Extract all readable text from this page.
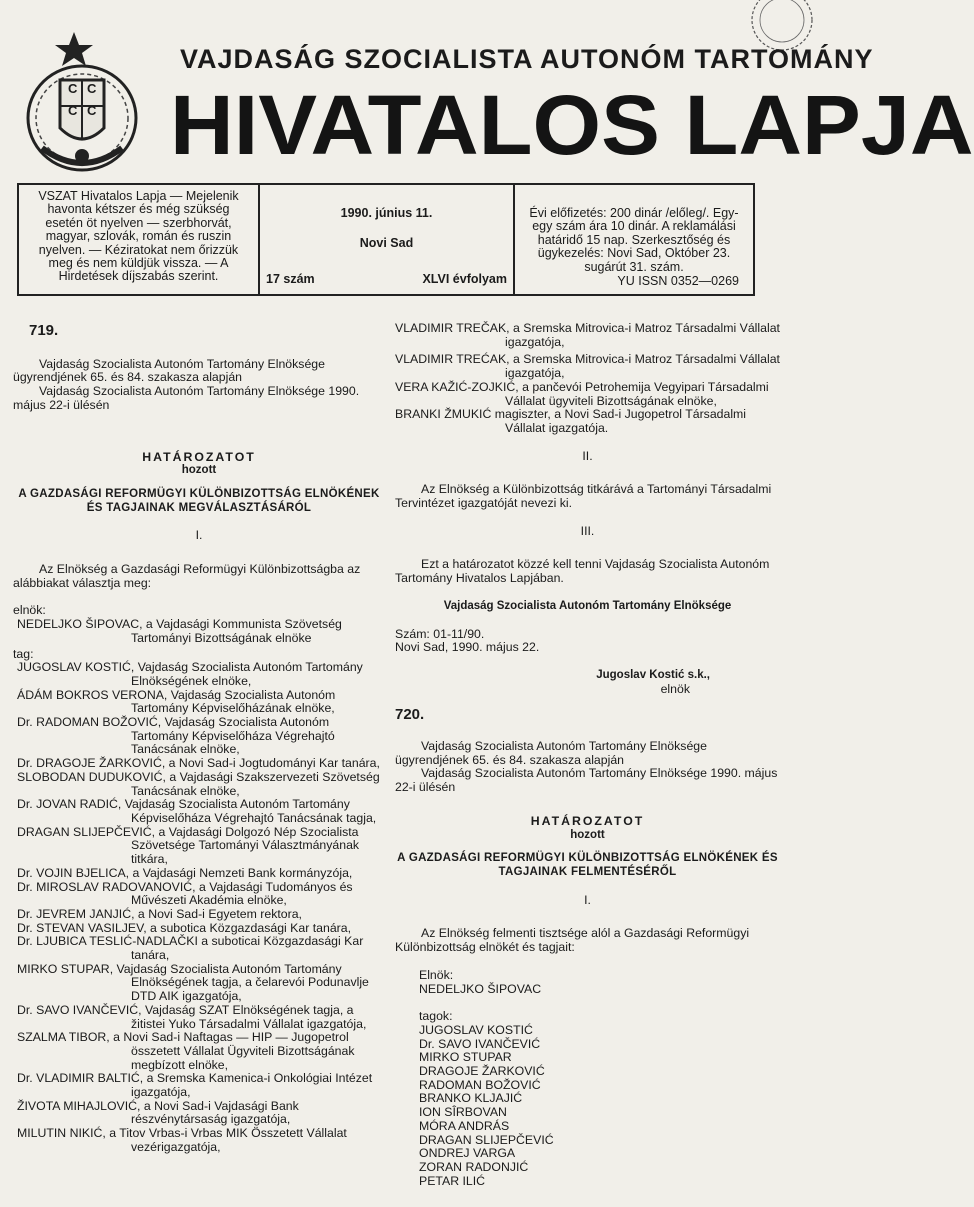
C C C C
VAJDASÁG SZOCIALISTA AUTONÓM TARTOMÁNY
HIVATALOS LAPJA
VSZAT Hivatalos Lapja — Mejelenik havonta kétszer és még szükség esetén öt nyelven — szerbhorvát, magyar, szlovák, román és ruszin nyelven. — Kéziratokat nem őrizzük meg és nem küldjük vissza. — A Hirdetések díjszabás szerint.
1990. június 11.
Novi Sad
17 szám	XLVI évfolyam
Évi előfizetés: 200 dinár /előleg/. Egy-egy szám ára 10 dinár. A reklamálási határidő 15 nap. Szerkesztőség és ügykezelés: Novi Sad, Október 23. sugárút 31. szám.
YU ISSN 0352—0269
719.

Vajdaság Szocialista Autonóm Tartomány Elnöksége ügyrendjének 65. és 84. szakasza alapján

Vajdaság Szocialista Autonóm Tartomány Elnöksége 1990. május 22-i ülésén

HATÁROZATOT
hozott
A GAZDASÁGI REFORMÜGYI KÜLÖNBIZOTTSÁG ELNÖKÉNEK ÉS TAGJAINAK MEGVÁLASZTÁSÁRÓL
I.

Az Elnökség a Gazdasági Reformügyi Különbizottságba az alábbiakat választja meg:

elnök:

NEDELJKO ŠIPOVAC, a Vajdasági Kommunista Szövetség Tartományi Bizottságának elnöke

tag:

JUGOSLAV KOSTIĆ, Vajdaság Szocialista Autonóm Tartomány Elnökségének elnöke,

ÁDÁM BOKROS VERONA, Vajdaság Szocialista Autonóm Tartomány Képviselőházának elnöke,

Dr. RADOMAN BOŽOVIĆ, Vajdaság Szocialista Autonóm Tartomány Képviselőháza Végrehajtó Tanácsának elnöke,

Dr. DRAGOJE ŽARKOVIĆ, a Novi Sad-i Jogtudományi Kar tanára,

SLOBODAN DUDUKOVIĆ, a Vajdasági Szakszervezeti Szövetség Tanácsának elnöke,

Dr. JOVAN RADIĆ, Vajdaság Szocialista Autonóm Tartomány Képviselőháza Végrehajtó Tanácsának tagja,

DRAGAN SLIJEPČEVIĆ, a Vajdasági Dolgozó Nép Szocialista Szövetsége Tartományi Választmányának titkára,

Dr. VOJIN BJELICA, a Vajdasági Nemzeti Bank kormányzója,

Dr. MIROSLAV RADOVANOVIĆ, a Vajdasági Tudományos és Művészeti Akadémia elnöke,

Dr. JEVREM JANJIĆ, a Novi Sad-i Egyetem rektora,

Dr. STEVAN VASILJEV, a subotica Közgazdasági Kar tanára,

Dr. LJUBICA TESLIĆ-NADLAČKI a suboticai Közgazdasági Kar tanára,

MIRKO STUPAR, Vajdaság Szocialista Autonóm Tartomány Elnökségének tagja, a čelarevói Podunavlje DTD AIK igazgatója,

Dr. SAVO IVANČEVIĆ, Vajdaság SZAT Elnökségének tagja, a žitistei Yuko Társadalmi Vállalat igazgatója,

SZALMA TIBOR, a Novi Sad-i Naftagas — HIP — Jugopetrol összetett Vállalat Ügyviteli Bizottságának megbízott elnöke,

Dr. VLADIMIR BALTIĆ, a Sremska Kamenica-i Onkológiai Intézet igazgatója,

ŽIVOTA MIHAJLOVIĆ, a Novi Sad-i Vajdasági Bank részvénytársaság igazgatója,

MILUTIN NIKIĆ, a Titov Vrbas-i Vrbas MIK Összetett Vállalat vezérigazgatója,

VLADIMIR TREČAK, a Sremska Mitrovica-i Matroz Társadalmi Vállalat igazgatója,

VLADIMIR TREĆAK, a Sremska Mitrovica-i Matroz Társadalmi Vállalat igazgatója,

VERA KAŽIĆ-ZOJKIĆ, a pančevói Petrohemija Vegyipari Társadalmi Vállalat ügyviteli Bizottságának elnöke,

BRANKI ŽMUKIĆ magiszter, a Novi Sad-i Jugopetrol Társadalmi Vállalat igazgatója.

II.

Az Elnökség a Különbizottság titkárává a Tartományi Társadalmi Tervintézet igazgatóját nevezi ki.

III.

Ezt a határozatot közzé kell tenni Vajdaság Szocialista Autonóm Tartomány Hivatalos Lapjában.

Vajdaság Szocialista Autonóm Tartomány Elnöksége
Szám: 01-11/90.
Novi Sad, 1990. május 22.
Jugoslav Kostić s.k.,
elnök
720.

Vajdaság Szocialista Autonóm Tartomány Elnöksége ügyrendjének 65. és 84. szakasza alapján

Vajdaság Szocialista Autonóm Tartomány Elnöksége 1990. május 22-i ülésén

HATÁROZATOT
hozott
A GAZDASÁGI REFORMÜGYI KÜLÖNBIZOTTSÁG ELNÖKÉNEK ÉS TAGJAINAK FELMENTÉSÉRŐL
I.

Az Elnökség felmenti tisztsége alól a Gazdasági Reformügyi Különbizottság elnökét és tagjait:

Elnök:
NEDELJKO ŠIPOVAC
tagok:
JUGOSLAV KOSTIĆ
Dr. SAVO IVANČEVIĆ
MIRKO STUPAR
DRAGOJE ŽARKOVIĆ
RADOMAN BOŽOVIĆ
BRANKO KLJAJIĆ
ION SÎRBOVAN
MÓRA ANDRÁS
DRAGAN SLIJEPČEVIĆ
ONDREJ VARGA
ZORAN RADONJIĆ
PETAR ILIĆ
